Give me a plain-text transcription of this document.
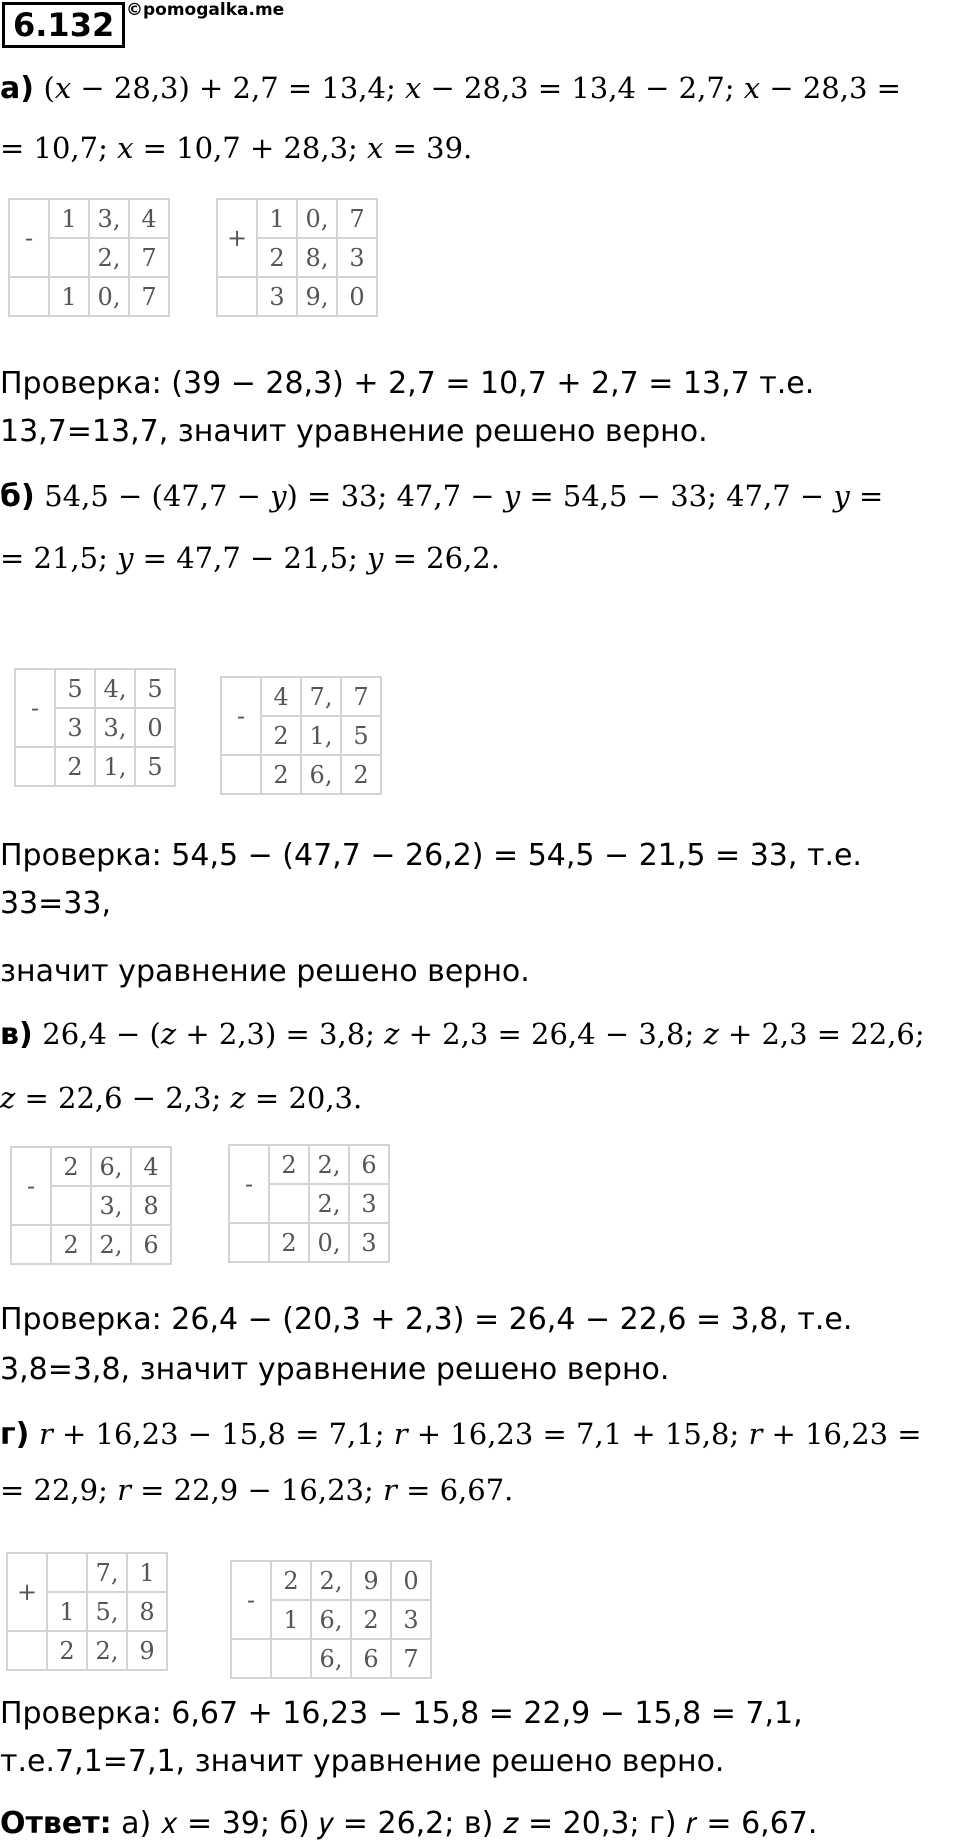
6.132 ©pomogalka.me
а) (𝑥 − 28,3) + 2,7 = 13,4; 𝑥 − 28,3 = 13,4 − 2,7; 𝑥 − 28,3 =
= 10,7; 𝑥 = 10,7 + 28,3; 𝑥 = 39.
-	1	3,	4
		2,	7
	1	0,	7
+	1	0,	7
	2	8,	3
	3	9,	0
Проверка: (39 − 28,3) + 2,7 = 10,7 + 2,7 = 13,7 т.е.
13,7=13,7, значит уравнение решено верно.
б) 54,5 − (47,7 − 𝑦) = 33; 47,7 − 𝑦 = 54,5 − 33; 47,7 − 𝑦 =
= 21,5; 𝑦 = 47,7 − 21,5; 𝑦 = 26,2.
-	5	4,	5
	3	3,	0
	2	1,	5
-	4	7,	7
	2	1,	5
	2	6,	2
Проверка: 54,5 − (47,7 − 26,2) = 54,5 − 21,5 = 33, т.е.
33=33,
значит уравнение решено верно.
в) 26,4 − (𝑧 + 2,3) = 3,8; 𝑧 + 2,3 = 26,4 − 3,8; 𝑧 + 2,3 = 22,6;
𝑧 = 22,6 − 2,3; 𝑧 = 20,3.
-	2	6,	4
		3,	8
	2	2,	6
-	2	2,	6
		2,	3
	2	0,	3
Проверка: 26,4 − (20,3 + 2,3) = 26,4 − 22,6 = 3,8, т.е.
3,8=3,8, значит уравнение решено верно.
г) 𝑟 + 16,23 − 15,8 = 7,1; 𝑟 + 16,23 = 7,1 + 15,8; 𝑟 + 16,23 =
= 22,9; 𝑟 = 22,9 − 16,23; 𝑟 = 6,67.
+		7,	1
	1	5,	8
	2	2,	9
-	2	2,	9	0
	1	6,	2	3
		6,	6	7
Проверка: 6,67 + 16,23 − 15,8 = 22,9 − 15,8 = 7,1,
т.е.7,1=7,1, значит уравнение решено верно.
Ответ: а) 𝑥 = 39; б) 𝑦 = 26,2; в) 𝑧 = 20,3; г) 𝑟 = 6,67.
